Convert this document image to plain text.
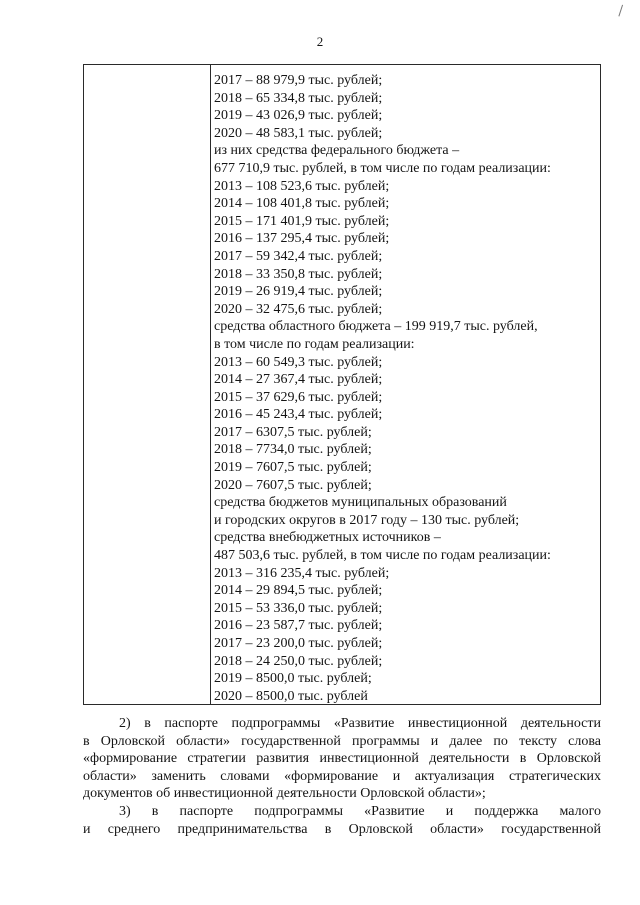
2
2017 – 88 979,9 тыс. рублей;
2018 – 65 334,8 тыс. рублей;
2019 – 43 026,9 тыс. рублей;
2020 – 48 583,1 тыс. рублей;
из них средства федерального бюджета –
677 710,9 тыс. рублей, в том числе по годам реализации:
2013 – 108 523,6 тыс. рублей;
2014 – 108 401,8 тыс. рублей;
2015 – 171 401,9 тыс. рублей;
2016 – 137 295,4 тыс. рублей;
2017 – 59 342,4 тыс. рублей;
2018 – 33 350,8 тыс. рублей;
2019 – 26 919,4 тыс. рублей;
2020 – 32 475,6 тыс. рублей;
средства областного бюджета – 199 919,7 тыс. рублей,
в том числе по годам реализации:
2013 – 60 549,3 тыс. рублей;
2014 – 27 367,4 тыс. рублей;
2015 – 37 629,6 тыс. рублей;
2016 – 45 243,4 тыс. рублей;
2017 – 6307,5 тыс. рублей;
2018 – 7734,0 тыс. рублей;
2019 – 7607,5 тыс. рублей;
2020 – 7607,5 тыс. рублей;
средства бюджетов муниципальных образований
и городских округов в 2017 году – 130 тыс. рублей;
средства внебюджетных источников –
487 503,6 тыс. рублей, в том числе по годам реализации:
2013 – 316 235,4 тыс. рублей;
2014 – 29 894,5 тыс. рублей;
2015 – 53 336,0 тыс. рублей;
2016 – 23 587,7 тыс. рублей;
2017 – 23 200,0 тыс. рублей;
2018 – 24 250,0 тыс. рублей;
2019 – 8500,0 тыс. рублей;
2020 – 8500,0 тыс. рублей
2) в паспорте подпрограммы «Развитие инвестиционной деятельности
в Орловской области» государственной программы и далее по тексту слова
«формирование стратегии развития инвестиционной деятельности в Орловской
области» заменить словами «формирование и актуализация стратегических
документов об инвестиционной деятельности Орловской области»;
3) в паспорте подпрограммы «Развитие и поддержка малого
и среднего предпринимательства в Орловской области» государственной
